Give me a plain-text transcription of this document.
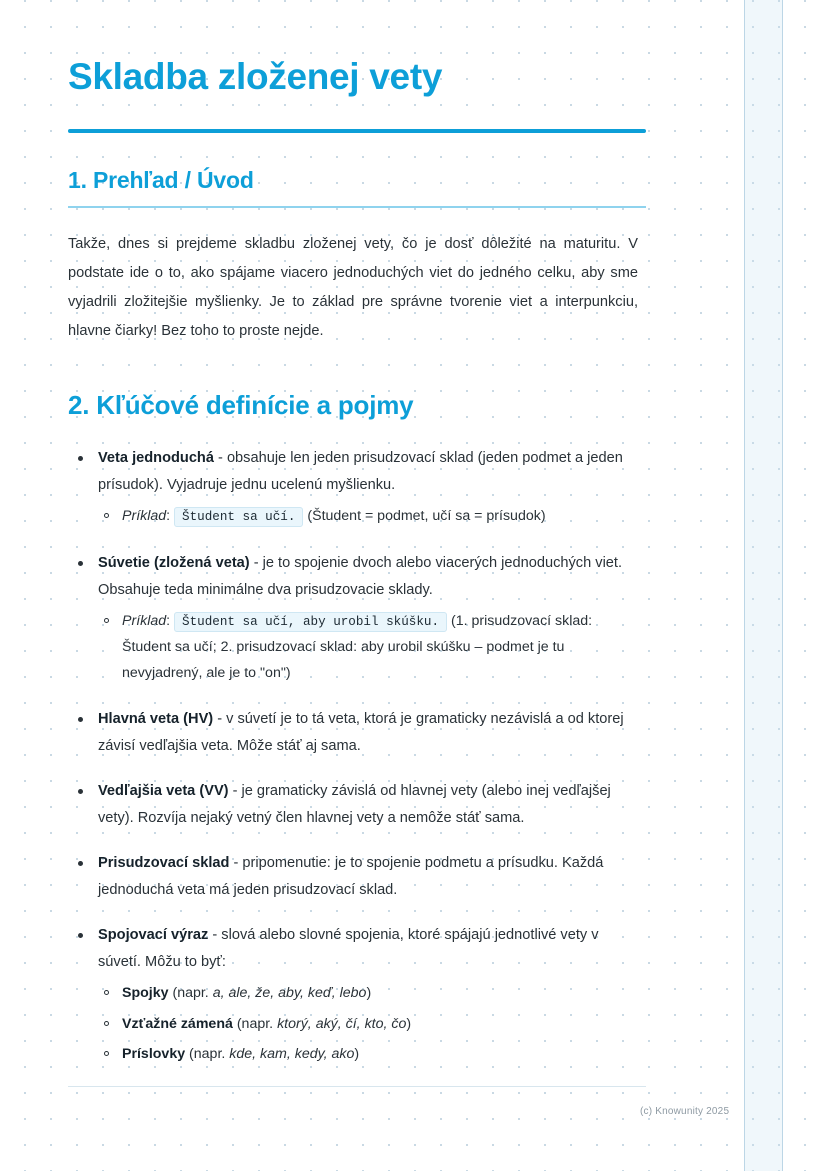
Skladba zloženej vety
1. Prehľad / Úvod

Takže, dnes si prejdeme skladbu zloženej vety, čo je dosť dôležité na maturitu. V podstate ide o to, ako spájame viacero jednoduchých viet do jedného celku, aby sme vyjadrili zložitejšie myšlienky. Je to základ pre správne tvorenie viet a interpunkciu, hlavne čiarky! Bez toho to proste nejde.

2. Kľúčové definície a pojmy
Veta jednoduchá - obsahuje len jeden prisudzovací sklad (jeden podmet a jeden prísudok). Vyjadruje jednu ucelenú myšlienku.
Príklad: Študent sa učí. (Študent = podmet, učí sa = prísudok)
Súvetie (zložená veta) - je to spojenie dvoch alebo viacerých jednoduchých viet. Obsahuje teda minimálne dva prisudzovacie sklady.
Príklad: Študent sa učí, aby urobil skúšku. (1. prisudzovací sklad: Študent sa učí; 2. prisudzovací sklad: aby urobil skúšku – podmet je tu nevyjadrený, ale je to "on")
Hlavná veta (HV) - v súvetí je to tá veta, ktorá je gramaticky nezávislá a od ktorej závisí vedľajšia veta. Môže stáť aj sama.
Vedľajšia veta (VV) - je gramaticky závislá od hlavnej vety (alebo inej vedľajšej vety). Rozvíja nejaký vetný člen hlavnej vety a nemôže stáť sama.
Prisudzovací sklad - pripomenutie: je to spojenie podmetu a prísudku. Každá jednoduchá veta má jeden prisudzovací sklad.
Spojovací výraz - slová alebo slovné spojenia, ktoré spájajú jednotlivé vety v súvetí. Môžu to byť:
Spojky (napr. a, ale, že, aby, keď, lebo)
Vzťažné zámená (napr. ktorý, aký, čí, kto, čo)
Príslovky (napr. kde, kam, kedy, ako)
(c) Knowunity 2025
